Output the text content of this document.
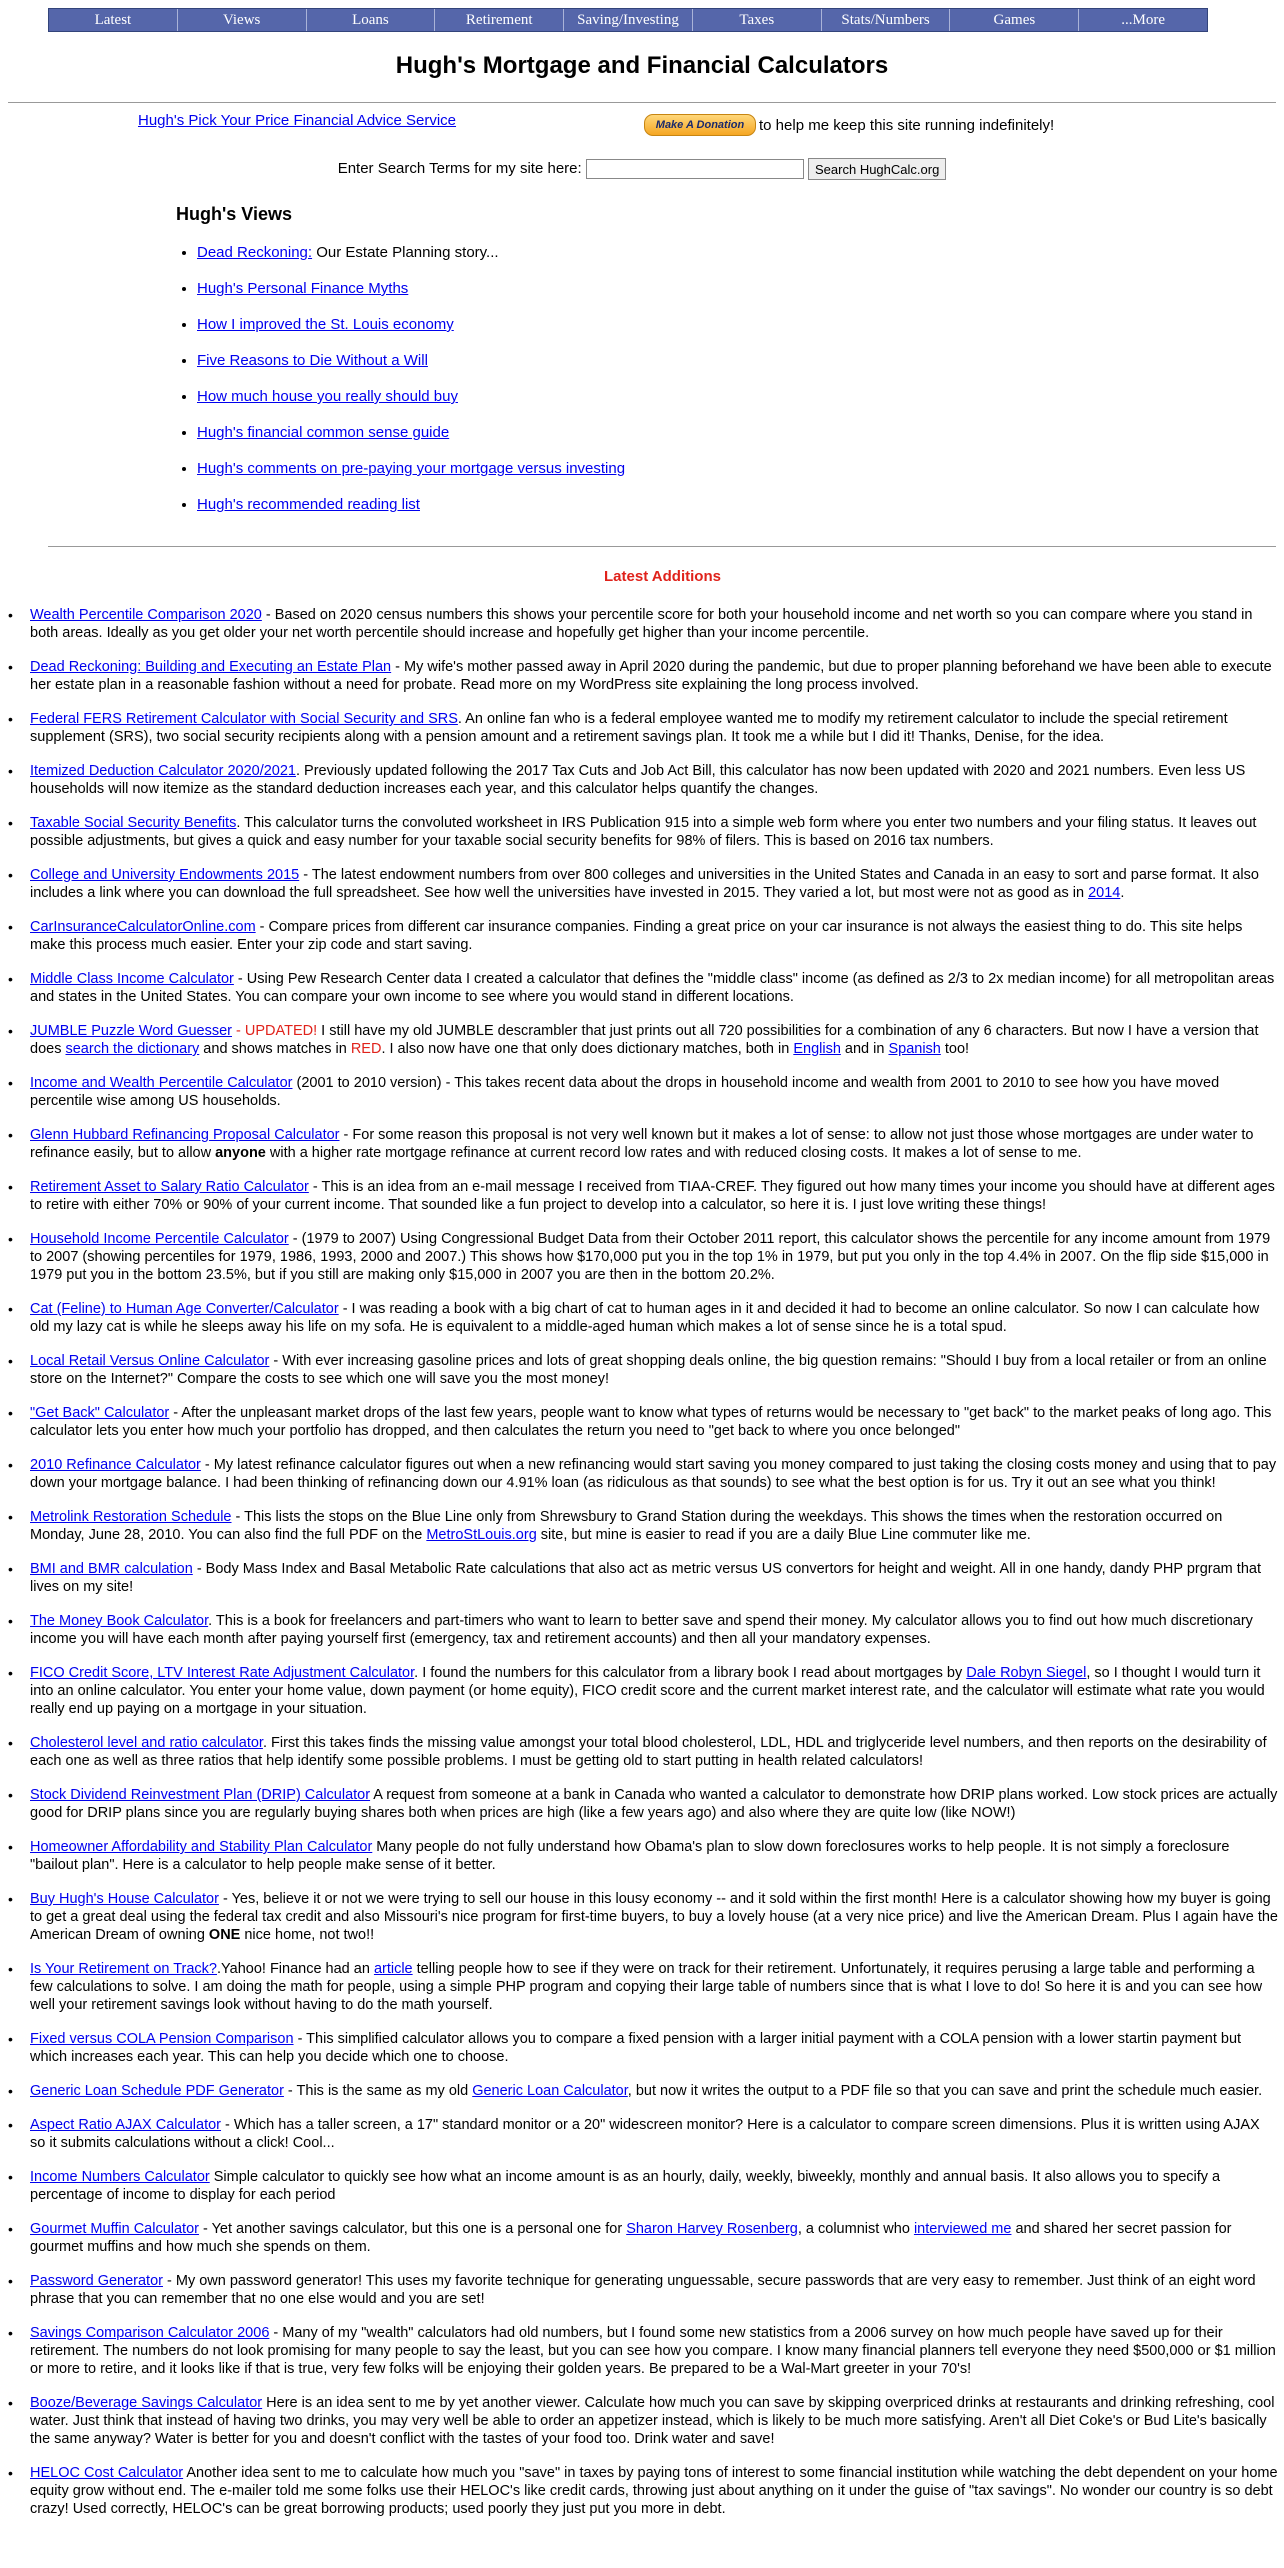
Latest	Views	Loans	Retirement	Saving/Investing	Taxes	Stats/Numbers	Games	...More
Hugh's Mortgage and Financial Calculators
Hugh's Pick Your Price Financial Advice Service	Make A Donation to help me keep this site running indefinitely!
Enter Search Terms for my site here:	Search HughCalc.org
Hugh's Views
• Dead Reckoning: Our Estate Planning story...
• Hugh's Personal Finance Myths
• How I improved the St. Louis economy
• Five Reasons to Die Without a Will
• How much house you really should buy
• Hugh's financial common sense guide
• Hugh's comments on pre-paying your mortgage versus investing
• Hugh's recommended reading list
Latest Additions
• Wealth Percentile Comparison 2020 - Based on 2020 census numbers this shows your percentile score for both your household income and net worth so you can compare where you stand in both areas. Ideally as you get older your net worth percentile should increase and hopefully get higher than your income percentile.
• Dead Reckoning: Building and Executing an Estate Plan - My wife's mother passed away in April 2020 during the pandemic, but due to proper planning beforehand we have been able to execute her estate plan in a reasonable fashion without a need for probate. Read more on my WordPress site explaining the long process involved.
• Federal FERS Retirement Calculator with Social Security and SRS. An online fan who is a federal employee wanted me to modify my retirement calculator to include the special retirement supplement (SRS), two social security recipients along with a pension amount and a retirement savings plan. It took me a while but I did it! Thanks, Denise, for the idea.
• Itemized Deduction Calculator 2020/2021. Previously updated following the 2017 Tax Cuts and Job Act Bill, this calculator has now been updated with 2020 and 2021 numbers. Even less US households will now itemize as the standard deduction increases each year, and this calculator helps quantify the changes.
• Taxable Social Security Benefits. This calculator turns the convoluted worksheet in IRS Publication 915 into a simple web form where you enter two numbers and your filing status. It leaves out possible adjustments, but gives a quick and easy number for your taxable social security benefits for 98% of filers. This is based on 2016 tax numbers.
• College and University Endowments 2015 - The latest endowment numbers from over 800 colleges and universities in the United States and Canada in an easy to sort and parse format. It also includes a link where you can download the full spreadsheet. See how well the universities have invested in 2015. They varied a lot, but most were not as good as in 2014.
• CarInsuranceCalculatorOnline.com - Compare prices from different car insurance companies. Finding a great price on your car insurance is not always the easiest thing to do. This site helps make this process much easier. Enter your zip code and start saving.
• Middle Class Income Calculator - Using Pew Research Center data I created a calculator that defines the "middle class" income (as defined as 2/3 to 2x median income) for all metropolitan areas and states in the United States. You can compare your own income to see where you would stand in different locations.
• JUMBLE Puzzle Word Guesser - UPDATED! I still have my old JUMBLE descrambler that just prints out all 720 possibilities for a combination of any 6 characters. But now I have a version that does search the dictionary and shows matches in RED. I also now have one that only does dictionary matches, both in English and in Spanish too!
• Income and Wealth Percentile Calculator (2001 to 2010 version) - This takes recent data about the drops in household income and wealth from 2001 to 2010 to see how you have moved percentile wise among US households.
• Glenn Hubbard Refinancing Proposal Calculator - For some reason this proposal is not very well known but it makes a lot of sense: to allow not just those whose mortgages are under water to refinance easily, but to allow anyone with a higher rate mortgage refinance at current record low rates and with reduced closing costs. It makes a lot of sense to me.
• Retirement Asset to Salary Ratio Calculator - This is an idea from an e-mail message I received from TIAA-CREF. They figured out how many times your income you should have at different ages to retire with either 70% or 90% of your current income. That sounded like a fun project to develop into a calculator, so here it is. I just love writing these things!
• Household Income Percentile Calculator - (1979 to 2007) Using Congressional Budget Data from their October 2011 report, this calculator shows the percentile for any income amount from 1979 to 2007 (showing percentiles for 1979, 1986, 1993, 2000 and 2007.) This shows how $170,000 put you in the top 1% in 1979, but put you only in the top 4.4% in 2007. On the flip side $15,000 in 1979 put you in the bottom 23.5%, but if you still are making only $15,000 in 2007 you are then in the bottom 20.2%.
• Cat (Feline) to Human Age Converter/Calculator - I was reading a book with a big chart of cat to human ages in it and decided it had to become an online calculator. So now I can calculate how old my lazy cat is while he sleeps away his life on my sofa. He is equivalent to a middle-aged human which makes a lot of sense since he is a total spud.
• Local Retail Versus Online Calculator - With ever increasing gasoline prices and lots of great shopping deals online, the big question remains: "Should I buy from a local retailer or from an online store on the Internet?" Compare the costs to see which one will save you the most money!
• "Get Back" Calculator - After the unpleasant market drops of the last few years, people want to know what types of returns would be necessary to "get back" to the market peaks of long ago. This calculator lets you enter how much your portfolio has dropped, and then calculates the return you need to "get back to where you once belonged"
• 2010 Refinance Calculator - My latest refinance calculator figures out when a new refinancing would start saving you money compared to just taking the closing costs money and using that to pay down your mortgage balance. I had been thinking of refinancing down our 4.91% loan (as ridiculous as that sounds) to see what the best option is for us. Try it out an see what you think!
• Metrolink Restoration Schedule - This lists the stops on the Blue Line only from Shrewsbury to Grand Station during the weekdays. This shows the times when the restoration occurred on Monday, June 28, 2010. You can also find the full PDF on the MetroStLouis.org site, but mine is easier to read if you are a daily Blue Line commuter like me.
• BMI and BMR calculation - Body Mass Index and Basal Metabolic Rate calculations that also act as metric versus US convertors for height and weight. All in one handy, dandy PHP prgram that lives on my site!
• The Money Book Calculator. This is a book for freelancers and part-timers who want to learn to better save and spend their money. My calculator allows you to find out how much discretionary income you will have each month after paying yourself first (emergency, tax and retirement accounts) and then all your mandatory expenses.
• FICO Credit Score, LTV Interest Rate Adjustment Calculator. I found the numbers for this calculator from a library book I read about mortgages by Dale Robyn Siegel, so I thought I would turn it into an online calculator. You enter your home value, down payment (or home equity), FICO credit score and the current market interest rate, and the calculator will estimate what rate you would really end up paying on a mortgage in your situation.
• Cholesterol level and ratio calculator. First this takes finds the missing value amongst your total blood cholesterol, LDL, HDL and triglyceride level numbers, and then reports on the desirability of each one as well as three ratios that help identify some possible problems. I must be getting old to start putting in health related calculators!
• Stock Dividend Reinvestment Plan (DRIP) Calculator A request from someone at a bank in Canada who wanted a calculator to demonstrate how DRIP plans worked. Low stock prices are actually good for DRIP plans since you are regularly buying shares both when prices are high (like a few years ago) and also where they are quite low (like NOW!)
• Homeowner Affordability and Stability Plan Calculator Many people do not fully understand how Obama's plan to slow down foreclosures works to help people. It is not simply a foreclosure "bailout plan". Here is a calculator to help people make sense of it better.
• Buy Hugh's House Calculator - Yes, believe it or not we were trying to sell our house in this lousy economy -- and it sold within the first month! Here is a calculator showing how my buyer is going to get a great deal using the federal tax credit and also Missouri's nice program for first-time buyers, to buy a lovely house (at a very nice price) and live the American Dream. Plus I again have the American Dream of owning ONE nice home, not two!!
• Is Your Retirement on Track?.Yahoo! Finance had an article telling people how to see if they were on track for their retirement. Unfortunately, it requires perusing a large table and performing a few calculations to solve. I am doing the math for people, using a simple PHP program and copying their large table of numbers since that is what I love to do! So here it is and you can see how well your retirement savings look without having to do the math yourself.
• Fixed versus COLA Pension Comparison - This simplified calculator allows you to compare a fixed pension with a larger initial payment with a COLA pension with a lower startin payment but which increases each year. This can help you decide which one to choose.
• Generic Loan Schedule PDF Generator - This is the same as my old Generic Loan Calculator, but now it writes the output to a PDF file so that you can save and print the schedule much easier.
• Aspect Ratio AJAX Calculator - Which has a taller screen, a 17" standard monitor or a 20" widescreen monitor? Here is a calculator to compare screen dimensions. Plus it is written using AJAX so it submits calculations without a click! Cool...
• Income Numbers Calculator Simple calculator to quickly see how what an income amount is as an hourly, daily, weekly, biweekly, monthly and annual basis. It also allows you to specify a percentage of income to display for each period
• Gourmet Muffin Calculator - Yet another savings calculator, but this one is a personal one for Sharon Harvey Rosenberg, a columnist who interviewed me and shared her secret passion for gourmet muffins and how much she spends on them.
• Password Generator - My own password generator! This uses my favorite technique for generating unguessable, secure passwords that are very easy to remember. Just think of an eight word phrase that you can remember that no one else would and you are set!
• Savings Comparison Calculator 2006 - Many of my "wealth" calculators had old numbers, but I found some new statistics from a 2006 survey on how much people have saved up for their retirement. The numbers do not look promising for many people to say the least, but you can see how you compare. I know many financial planners tell everyone they need $500,000 or $1 million or more to retire, and it looks like if that is true, very few folks will be enjoying their golden years. Be prepared to be a Wal-Mart greeter in your 70's!
• Booze/Beverage Savings Calculator Here is an idea sent to me by yet another viewer. Calculate how much you can save by skipping overpriced drinks at restaurants and drinking refreshing, cool water. Just think that instead of having two drinks, you may very well be able to order an appetizer instead, which is likely to be much more satisfying. Aren't all Diet Coke's or Bud Lite's basically the same anyway? Water is better for you and doesn't conflict with the tastes of your food too. Drink water and save!
• HELOC Cost Calculator Another idea sent to me to calculate how much you "save" in taxes by paying tons of interest to some financial institution while watching the debt dependent on your home equity grow without end. The e-mailer told me some folks use their HELOC's like credit cards, throwing just about anything on it under the guise of "tax savings". No wonder our country is so debt crazy! Used correctly, HELOC's can be great borrowing products; used poorly they just put you more in debt.
